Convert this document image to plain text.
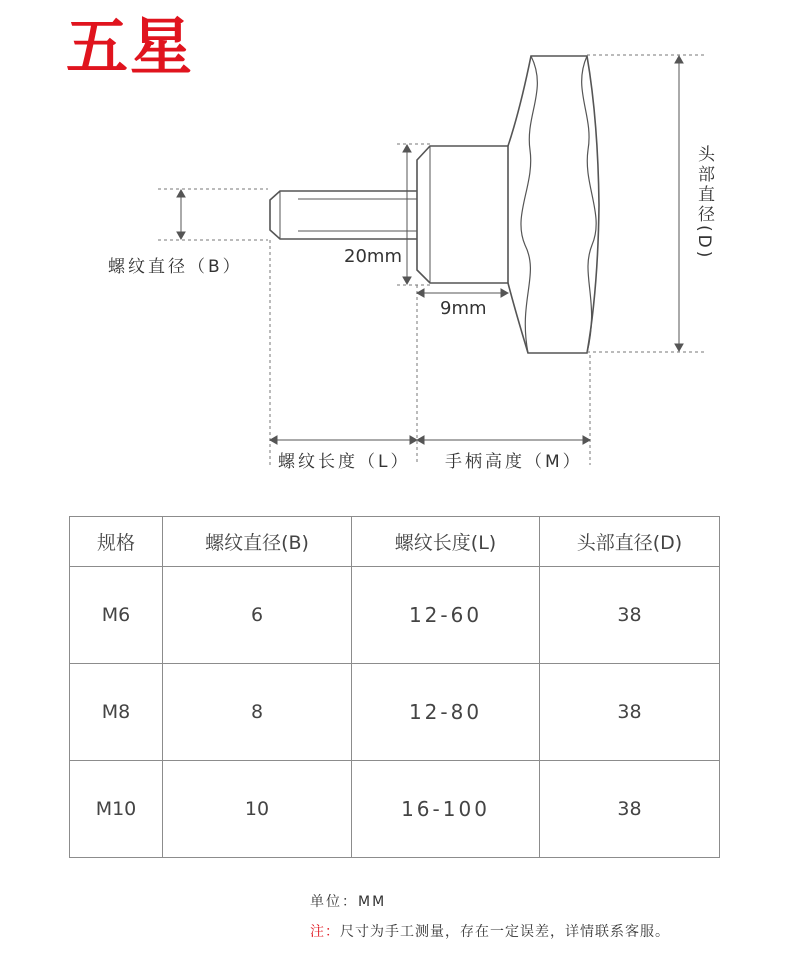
五星
螺纹直径（B）	20mm
9mm
螺纹长度（L） 手柄高度（M）
头部直径(D)
规格	螺纹直径(B)	螺纹长度(L)	头部直径(D)
M6	6	12-60	38
M8	8	12-80	38
M10	10	16-100	38
单位：MM
注：尺寸为手工测量，存在一定误差，详情联系客服。
